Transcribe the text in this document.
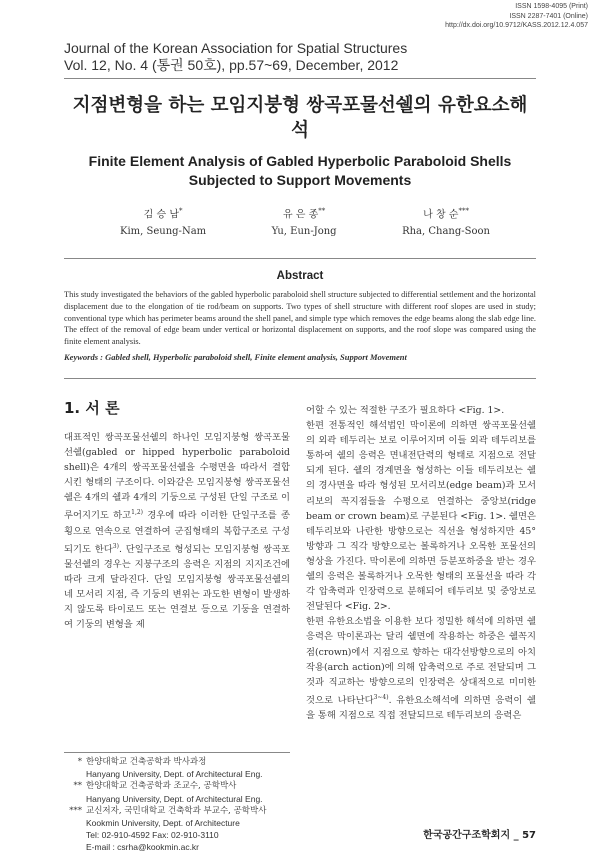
ISSN 1598-4095 (Print)
ISSN 2287-7401 (Online)
http://dx.doi.org/10.9712/KASS.2012.12.4.057
Journal of the Korean Association for Spatial Structures
Vol. 12, No. 4 (통권 50호), pp.57~69, December, 2012
지점변형을 하는 모임지붕형 쌍곡포물선쉘의 유한요소해석
Finite Element Analysis of Gabled Hyperbolic Paraboloid Shells Subjected to Support Movements
김 승 남*
Kim, Seung-Nam
유 은 종**
Yu, Eun-Jong
나 창 순***
Rha, Chang-Soon
Abstract
This study investigated the behaviors of the gabled hyperbolic paraboloid shell structure subjected to differential settlement and the horizontal displacement due to the elongation of tie rod/beam on supports. Two types of shell structure with different roof slopes are used in study; conventional type which has perimeter beams around the shell panel, and simple type which removes the edge beams along the slab edge line. The effect of the removal of edge beam under vertical or horizontal displacement on supports, and the roof slope was compared using the finite element analysis.
Keywords : Gabled shell, Hyperbolic paraboloid shell, Finite element analysis, Support Movement
1. 서 론

대표적인 쌍곡포물선쉘의 하나인 모임지붕형 쌍곡포물선쉘(gabled or hipped hyperbolic paraboloid shell)은 4개의 쌍곡포물선쉘을 수평면을 따라서 결합시킨 형태의 구조이다. 이와같은 모임지붕형 쌍곡포물선쉘은 4개의 쉘과 4개의 기둥으로 구성된 단일 구조로 이루어지기도 하고$^{1,2)}$ 경우에 따라 이러한 단일구조를 종횡으로 연속으로 연결하여 군집형태의 복합구조로 구성되기도 한다$^{3)}$. 단일구조로 형성되는 모임지붕형 쌍곡포물선쉘의 경우는 지붕구조의 응력은 지점의 지지조건에 따라 크게 달라진다. 단일 모임지붕형 쌍곡포물선쉘의 네 모서리 지점, 즉 기둥의 변위는 과도한 변형이 발생하지 않도록 타이로드 또는 연결보 등으로 기둥을 연결하여 기둥의 변형을 제

어할 수 있는 적절한 구조가 필요하다 <Fig. 1>.

한편 전통적인 해석법인 막이론에 의하면 쌍곡포물선쉘의 외곽 테두리는 보로 이루어지며 이들 외곽 테두리보를 통하여 쉘의 응력은 면내전단력의 형태로 지점으로 전달되게 된다. 쉘의 경계면을 형성하는 이들 테두리보는 쉘의 경사면을 따라 형성된 모서리보(edge beam)과 모서리보의 꼭지점들을 수평으로 연결하는 중앙보(ridge beam or crown beam)로 구분된다 <Fig. 1>. 쉘면은 테두리보와 나란한 방향으로는 직선을 형성하지만 45° 방향과 그 직각 방향으로는 볼록하거나 오목한 포물선의 형상을 가진다. 막이론에 의하면 등분포하중을 받는 경우 쉘의 응력은 볼록하거나 오목한 형태의 포물선을 따라 각각 압축력과 인장력으로 분해되어 테두리보 및 중앙보로 전달된다 <Fig. 2>.

한편 유한요소법을 이용한 보다 정밀한 해석에 의하면 쉘응력은 막이론과는 달리 쉘면에 작용하는 하중은 쉘꼭지점(crown)에서 지점으로 향하는 대각선방향으로의 아치작용(arch action)에 의해 압축력으로 주로 전달되며 그것과 직교하는 방향으로의 인장력은 상대적으로 미미한 것으로 나타난다$^{3\sim 4)}$. 유한요소해석에 의하면 응력이 쉘을 통해 지점으로 직접 전달되므로 테두리보의 응력은

* 한양대학교 건축공학과 박사과정
Hanyang University, Dept. of Architectural Eng.
** 한양대학교 건축공학과 조교수, 공학박사
Hanyang University, Dept. of Architectural Eng.
*** 교신저자, 국민대학교 건축학과 부교수, 공학박사
Kookmin University, Dept. of Architecture
Tel: 02-910-4592 Fax: 02-910-3110
E-mail : csrha@kookmin.ac.kr
한국공간구조학회지 _ 57
